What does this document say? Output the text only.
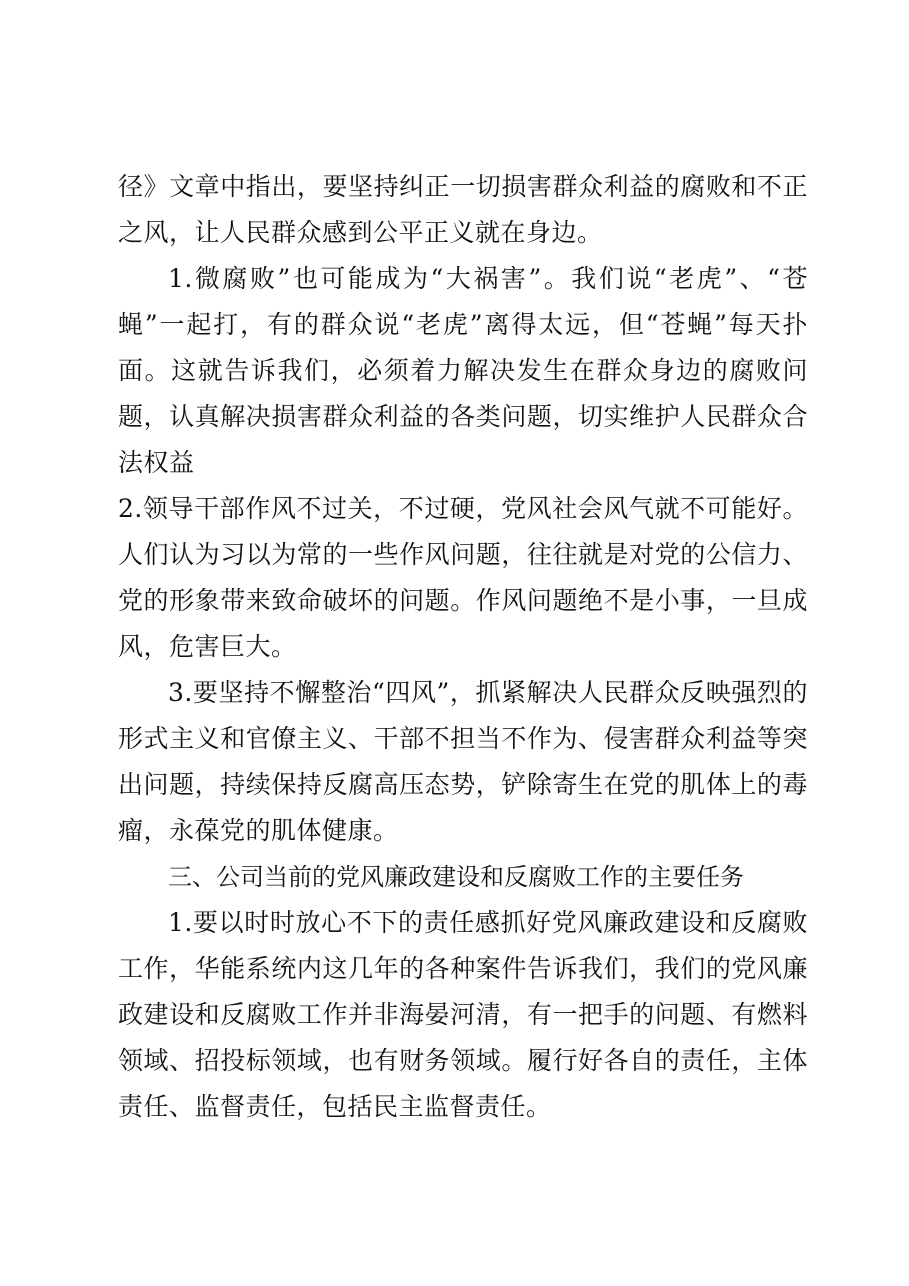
径》文章中指出，要坚持纠正一切损害群众利益的腐败和不正之风，让人民群众感到公平正义就在身边。

1.微腐败”也可能成为“大祸害”。我们说“老虎”、“苍蝇”一起打，有的群众说“老虎”离得太远，但“苍蝇”每天扑面。这就告诉我们，必须着力解决发生在群众身边的腐败问题，认真解决损害群众利益的各类问题，切实维护人民群众合法权益

2.领导干部作风不过关，不过硬，党风社会风气就不可能好。人们认为习以为常的一些作风问题，往往就是对党的公信力、党的形象带来致命破坏的问题。作风问题绝不是小事，一旦成风，危害巨大。

3.要坚持不懈整治“四风”，抓紧解决人民群众反映强烈的形式主义和官僚主义、干部不担当不作为、侵害群众利益等突出问题，持续保持反腐高压态势，铲除寄生在党的肌体上的毒瘤，永葆党的肌体健康。

三、公司当前的党风廉政建设和反腐败工作的主要任务

1.要以时时放心不下的责任感抓好党风廉政建设和反腐败工作，华能系统内这几年的各种案件告诉我们，我们的党风廉政建设和反腐败工作并非海晏河清，有一把手的问题、有燃料领域、招投标领域，也有财务领域。履行好各自的责任，主体责任、监督责任，包括民主监督责任。
